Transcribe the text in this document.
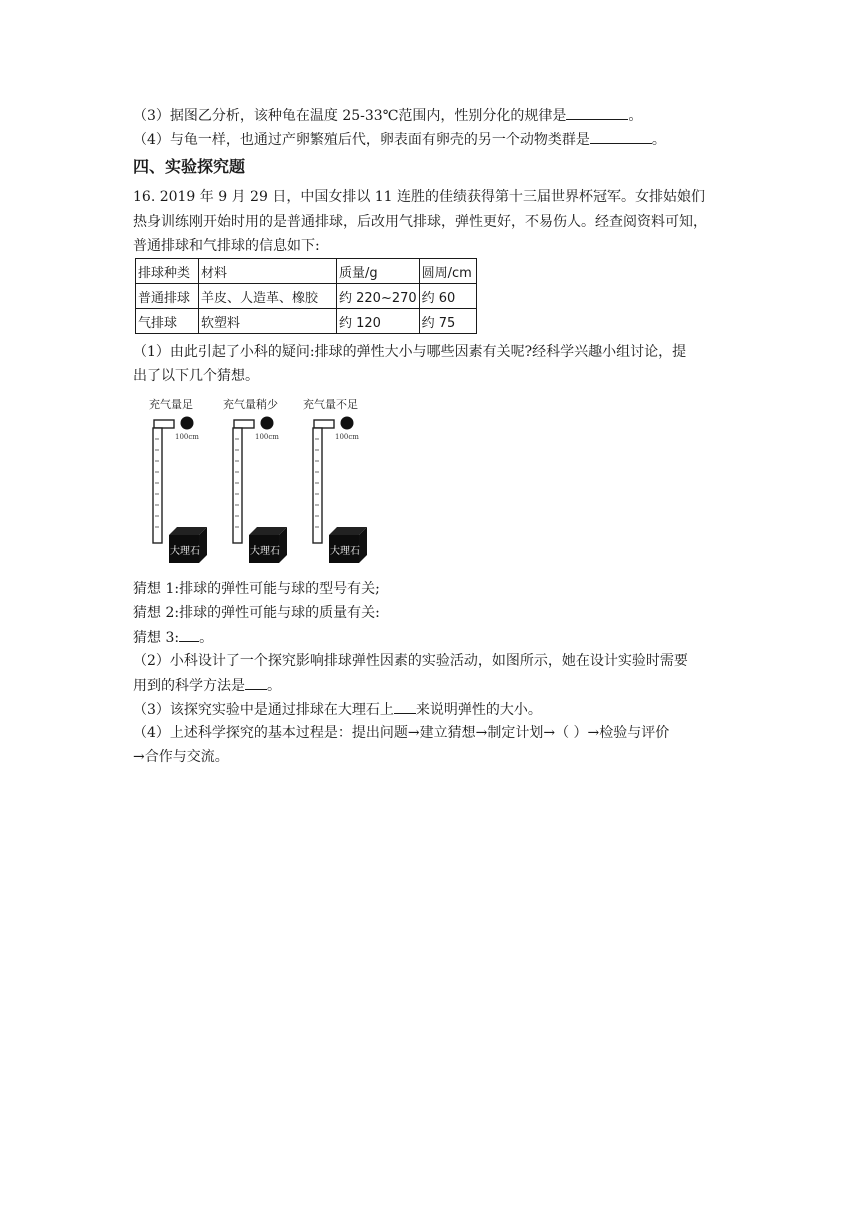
（3）据图乙分析，该种龟在温度 25-33℃范围内，性别分化的规律是	。
（4）与龟一样，也通过产卵繁殖后代，卵表面有卵壳的另一个动物类群是	。
四、实验探究题
16. 2019 年 9 月 29 日，中国女排以 11 连胜的佳绩获得第十三届世界杯冠军。女排姑娘们
热身训练刚开始时用的是普通排球，后改用气排球，弹性更好，不易伤人。经查阅资料可知，
普通排球和气排球的信息如下:
排球种类	材料	质量/g	圆周/cm
普通排球	羊皮、人造革、橡胶	约 220~270	约 60
气排球	软塑料	约 120	约 75
（1）由此引起了小科的疑问:排球的弹性大小与哪些因素有关呢?经科学兴趣小组讨论，提
出了以下几个猜想。
充气量足
100cm
大理石
充气量稍少
100cm
大理石
充气量不足
100cm
大理石
猜想 1:排球的弹性可能与球的型号有关;
猜想 2:排球的弹性可能与球的质量有关:
猜想 3: 。
（2）小科设计了一个探究影响排球弹性因素的实验活动，如图所示，她在设计实验时需要
用到的科学方法是 。
（3）该探究实验中是通过排球在大理石上 来说明弹性的大小。
（4）上述科学探究的基本过程是：提出问题→建立猜想→制定计划→（ ）→检验与评价
→合作与交流。
